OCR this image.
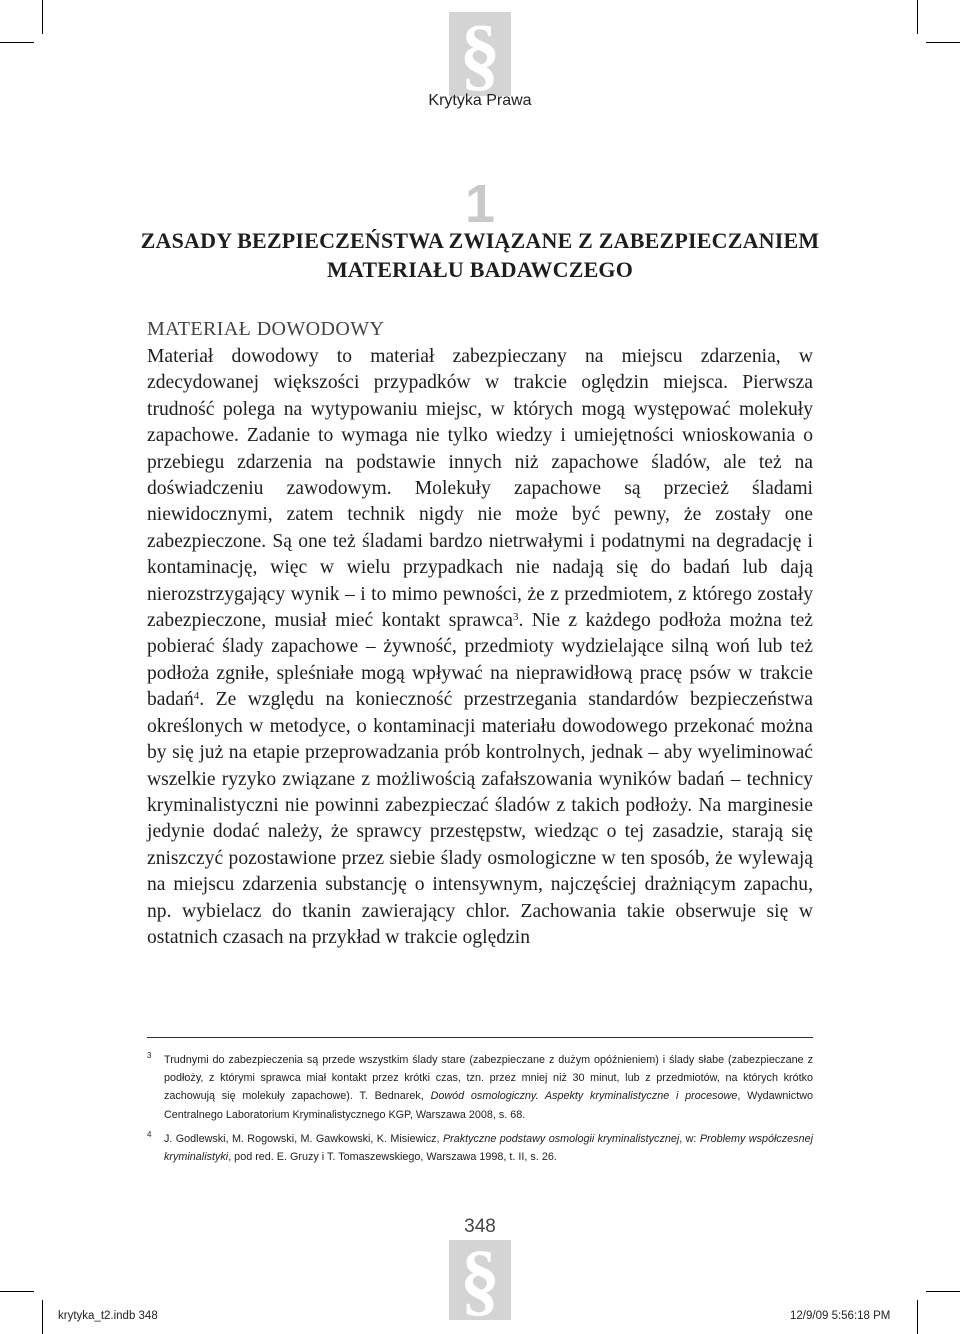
§
Krytyka Prawa
1
ZASADY BEZPIECZEŃSTWA ZWIĄZANE Z ZABEZPIECZANIEM
MATERIAŁU BADAWCZEGO
MATERIAŁ DOWODOWY

Materiał dowodowy to materiał zabezpieczany na miejscu zdarzenia, w zdecydowanej większości przypadków w trakcie oględzin miejsca. Pierwsza trudność polega na wytypowaniu miejsc, w których mogą występować molekuły zapachowe. Zadanie to wymaga nie tylko wiedzy i umiejętności wnioskowania o przebiegu zdarzenia na podstawie innych niż zapachowe śladów, ale też na doświadczeniu zawodowym. Molekuły zapachowe są przecież śladami niewidocznymi, zatem technik nigdy nie może być pewny, że zostały one zabezpieczone. Są one też śladami bardzo nietrwałymi i podatnymi na degradację i kontaminację, więc w wielu przypadkach nie nadają się do badań lub dają nierozstrzygający wynik – i to mimo pewności, że z przedmiotem, z którego zostały zabezpieczone, musiał mieć kontakt sprawca$^3$. Nie z każdego podłoża można też pobierać ślady zapachowe – żywność, przedmioty wydzielające silną woń lub też podłoża zgniłe, spleśniałe mogą wpływać na nieprawidłową pracę psów w trakcie badań$^4$. Ze względu na konieczność przestrzegania standardów bezpieczeństwa określonych w metodyce, o kontaminacji materiału dowodowego przekonać można by się już na etapie przeprowadzania prób kontrolnych, jednak – aby wyeliminować wszelkie ryzyko związane z możliwością zafałszowania wyników badań – technicy kryminalistyczni nie powinni zabezpieczać śladów z takich podłoży. Na marginesie jedynie dodać należy, że sprawcy przestępstw, wiedząc o tej zasadzie, starają się zniszczyć pozostawione przez siebie ślady osmologiczne w ten sposób, że wylewają na miejscu zdarzenia substancję o intensywnym, najczęściej drażniącym zapachu, np. wybielacz do tkanin zawierający chlor. Zachowania takie obserwuje się w ostatnich czasach na przykład w trakcie oględzin

3 Trudnymi do zabezpieczenia są przede wszystkim ślady stare (zabezpieczane z dużym opóźnieniem) i ślady słabe (zabezpieczane z podłoży, z którymi sprawca miał kontakt przez krótki czas, tzn. przez mniej niż 30 minut, lub z przedmiotów, na których krótko zachowują się molekuły zapachowe). T. Bednarek, Dowód osmologiczny. Aspekty kryminalistyczne i procesowe, Wydawnictwo Centralnego Laboratorium Kryminalistycznego KGP, Warszawa 2008, s. 68.
4 J. Godlewski, M. Rogowski, M. Gawkowski, K. Misiewicz, Praktyczne podstawy osmologii kryminalistycznej, w: Problemy współczesnej kryminalistyki, pod red. E. Gruzy i T. Tomaszewskiego, Warszawa 1998, t. II, s. 26.
348
§
krytyka_t2.indb 348	12/9/09 5:56:18 PM
